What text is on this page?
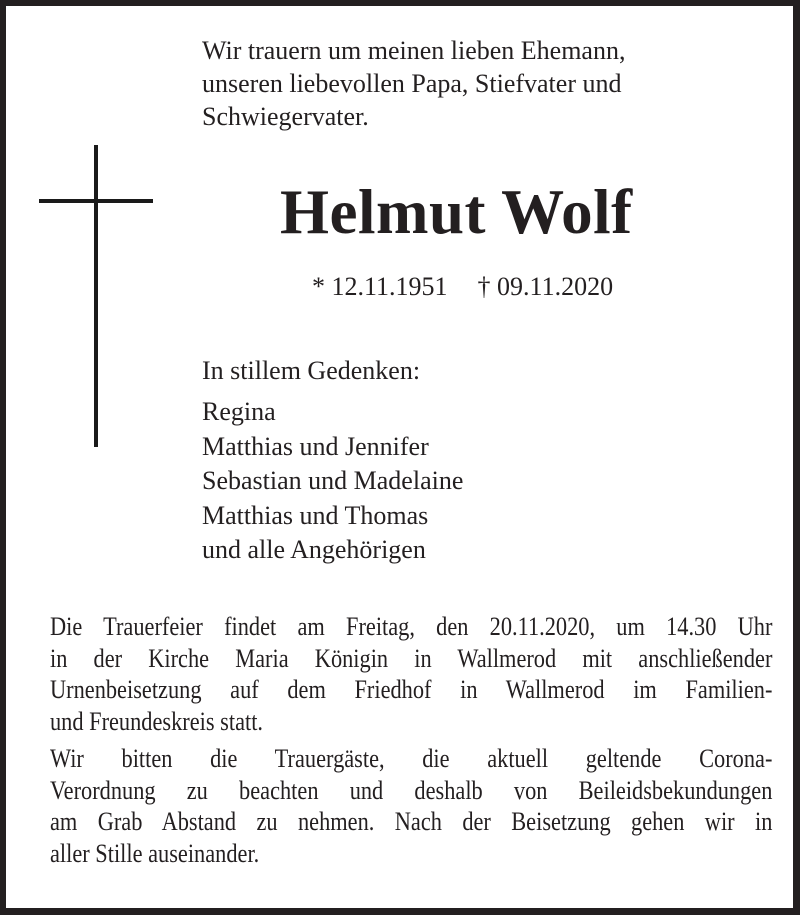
Wir trauern um meinen lieben Ehemann,
unseren liebevollen Papa, Stiefvater und
Schwiegervater.
Helmut Wolf
* 12.11.1951 † 09.11.2020
In stillem Gedenken:
Regina
Matthias und Jennifer
Sebastian und Madelaine
Matthias und Thomas
und alle Angehörigen
Die Trauerfeier findet am Freitag, den 20.11.2020, um 14.30 Uhr
in der Kirche Maria Königin in Wallmerod mit anschließender
Urnenbeisetzung auf dem Friedhof in Wallmerod im Familien-
und Freundeskreis statt.
Wir bitten die Trauergäste, die aktuell geltende Corona-
Verordnung zu beachten und deshalb von Beileidsbekundungen
am Grab Abstand zu nehmen. Nach der Beisetzung gehen wir in
aller Stille auseinander.
